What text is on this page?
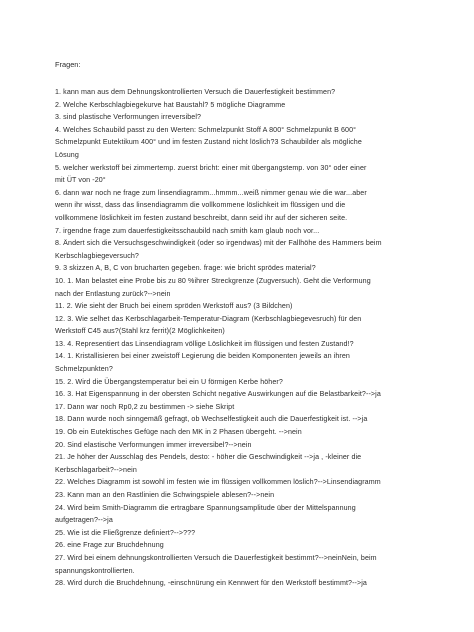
Fragen:
1. kann man aus dem Dehnungskontrollierten Versuch die Dauerfestigkeit bestimmen?
2. Welche Kerbschlagbiegekurve hat Baustahl? 5 mögliche Diagramme
3. sind plastische Verformungen irreversibel?
4. Welches Schaubild passt zu den Werten: Schmelzpunkt Stoff A 800° Schmelzpunkt B 600°
Schmelzpunkt Eutektikum 400° und im festen Zustand nicht löslich?3 Schaubilder als mögliche
Lösung
5. welcher werkstoff bei zimmertemp. zuerst bricht: einer mit übergangstemp. von 30° oder einer
mit ÜT von -20°
6. dann war noch ne frage zum linsendiagramm...hmmm...weiß nimmer genau wie die war...aber
wenn ihr wisst, dass das linsendiagramm die vollkommene löslichkeit im flüssigen und die
vollkommene löslichkeit im festen zustand beschreibt, dann seid ihr auf der sicheren seite.
7. irgendne frage zum dauerfestigkeitsschaubild nach smith kam glaub noch vor...
8. Ändert sich die Versuchsgeschwindigkeit (oder so irgendwas) mit der Fallhöhe des Hammers beim
Kerbschlagbiegeversuch?
9. 3 skizzen A, B, C von brucharten gegeben. frage: wie bricht sprödes material?
10. 1. Man belastet eine Probe bis zu 80 %ihrer Streckgrenze (Zugversuch). Geht die Verformung
nach der Entlastung zurück?-->nein
11. 2. Wie sieht der Bruch bei einem spröden Werkstoff aus? (3 Bildchen)
12. 3. Wie selhet das Kerbschlagarbeit-Temperatur-Diagram (Kerbschlagbiegevesruch) für den
Werkstoff C45 aus?(Stahl krz ferrit)(2 Möglichkeiten)
13. 4. Representiert das Linsendiagram völlige Löslichkeit im flüssigen und festen Zustand!?
14. 1. Kristallisieren bei einer zweistoff Legierung die beiden Komponenten jeweils an ihren
Schmelzpunkten?
15. 2. Wird die Übergangstemperatur bei ein U förmigen Kerbe höher?
16. 3. Hat Eigenspannung in der obersten Schicht negative Auswirkungen auf die Belastbarkeit?-->ja
17. Dann war noch Rp0,2 zu bestimmen -> siehe Skript
18. Dann wurde noch sinngemäß gefragt, ob Wechselfestigkeit auch die Dauerfestigkeit ist. -->ja
19. Ob ein Eutektisches Gefüge nach den MK in 2 Phasen übergeht. -->nein
20. Sind elastische Verformungen immer irreversibel?-->nein
21. Je höher der Ausschlag des Pendels, desto: - höher die Geschwindigkeit -->ja , -kleiner die
Kerbschlagarbeit?-->nein
22. Welches Diagramm ist sowohl im festen wie im flüssigen vollkommen löslich?-->Linsendiagramm
23. Kann man an den Rastlinien die Schwingspiele ablesen?-->nein
24. Wird beim Smith-Diagramm die ertragbare Spannungsamplitude über der Mittelspannung
aufgetragen?-->ja
25. Wie ist die Fließgrenze definiert?-->???
26. eine Frage zur Bruchdehnung
27. Wird bei einem dehnungskontrollierten Versuch die Dauerfestigkeit bestimmt?-->neinNein, beim
spannungskontrollierten.
28. Wird durch die Bruchdehnung, -einschnürung ein Kennwert für den Werkstoff bestimmt?-->ja
